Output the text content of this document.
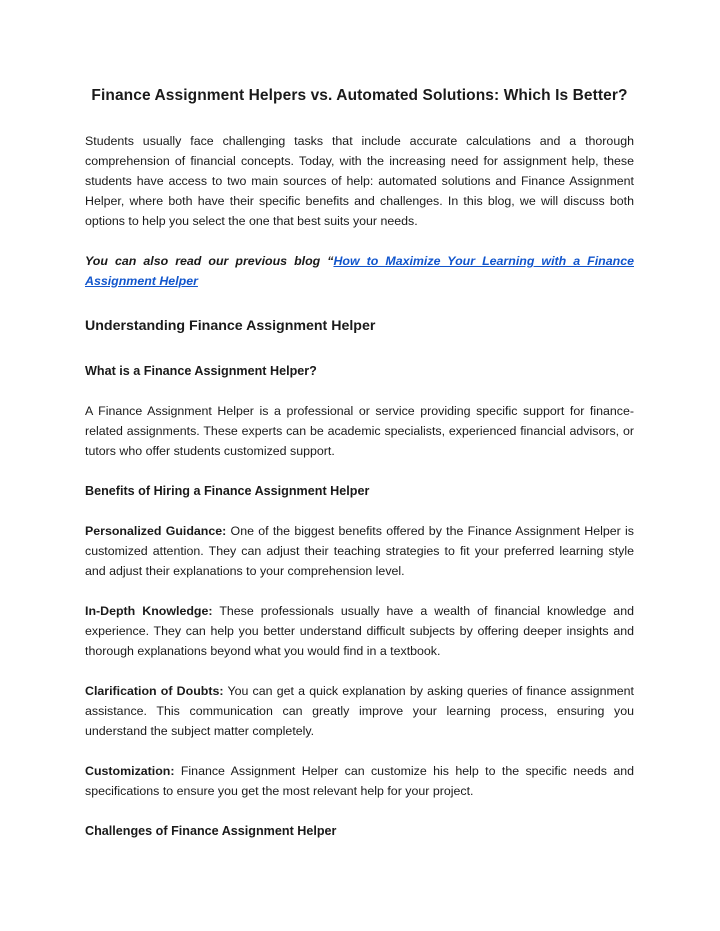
Finance Assignment Helpers vs. Automated Solutions: Which Is Better?

Students usually face challenging tasks that include accurate calculations and a thorough comprehension of financial concepts. Today, with the increasing need for assignment help, these students have access to two main sources of help: automated solutions and Finance Assignment Helper, where both have their specific benefits and challenges. In this blog, we will discuss both options to help you select the one that best suits your needs.

You can also read our previous blog “How to Maximize Your Learning with a Finance Assignment Helper

Understanding Finance Assignment Helper
What is a Finance Assignment Helper?

A Finance Assignment Helper is a professional or service providing specific support for finance-related assignments. These experts can be academic specialists, experienced financial advisors, or tutors who offer students customized support.

Benefits of Hiring a Finance Assignment Helper

Personalized Guidance: One of the biggest benefits offered by the Finance Assignment Helper is customized attention. They can adjust their teaching strategies to fit your preferred learning style and adjust their explanations to your comprehension level.

In-Depth Knowledge: These professionals usually have a wealth of financial knowledge and experience. They can help you better understand difficult subjects by offering deeper insights and thorough explanations beyond what you would find in a textbook.

Clarification of Doubts: You can get a quick explanation by asking queries of finance assignment assistance. This communication can greatly improve your learning process, ensuring you understand the subject matter completely.

Customization: Finance Assignment Helper can customize his help to the specific needs and specifications to ensure you get the most relevant help for your project.

Challenges of Finance Assignment Helper
